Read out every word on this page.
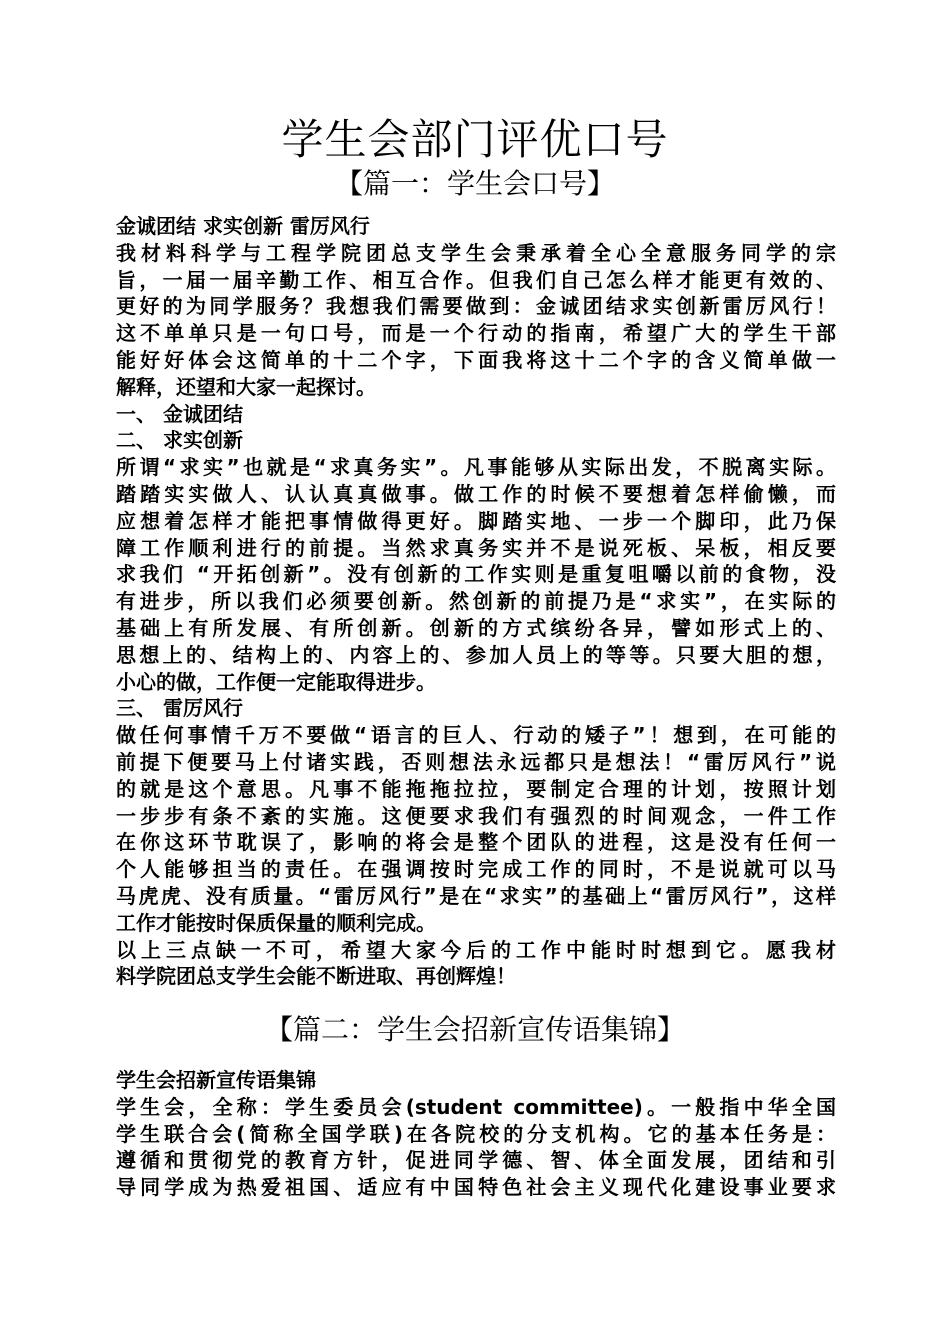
学生会部门评优口号
【篇一：学生会口号】
金诚团结 求实创新 雷厉风行
我材料科学与工程学院团总支学生会秉承着全心全意服务同学的宗
旨，一届一届辛勤工作、相互合作。但我们自己怎么样才能更有效的、
更好的为同学服务？我想我们需要做到：金诚团结求实创新雷厉风行！
这不单单只是一句口号，而是一个行动的指南，希望广大的学生干部
能好好体会这简单的十二个字，下面我将这十二个字的含义简单做一
解释，还望和大家一起探讨。
一、 金诚团结
二、 求实创新
所谓“求实”也就是“求真务实”。凡事能够从实际出发，不脱离实际。
踏踏实实做人、认认真真做事。做工作的时候不要想着怎样偷懒，而
应想着怎样才能把事情做得更好。脚踏实地、一步一个脚印，此乃保
障工作顺利进行的前提。当然求真务实并不是说死板、呆板，相反要
求我们 “开拓创新”。没有创新的工作实则是重复咀嚼以前的食物，没
有进步，所以我们必须要创新。然创新的前提乃是“求实”，在实际的
基础上有所发展、有所创新。创新的方式缤纷各异，譬如形式上的、
思想上的、结构上的、内容上的、参加人员上的等等。只要大胆的想，
小心的做，工作便一定能取得进步。
三、 雷厉风行
做任何事情千万不要做“语言的巨人、行动的矮子”！想到，在可能的
前提下便要马上付诸实践，否则想法永远都只是想法！“雷厉风行”说
的就是这个意思。凡事不能拖拖拉拉，要制定合理的计划，按照计划
一步步有条不紊的实施。这便要求我们有强烈的时间观念，一件工作
在你这环节耽误了，影响的将会是整个团队的进程，这是没有任何一
个人能够担当的责任。在强调按时完成工作的同时，不是说就可以马
马虎虎、没有质量。“雷厉风行”是在“求实”的基础上“雷厉风行”，这样
工作才能按时保质保量的顺利完成。
以上三点缺一不可，希望大家今后的工作中能时时想到它。愿我材
料学院团总支学生会能不断进取、再创辉煌！
【篇二：学生会招新宣传语集锦】
学生会招新宣传语集锦
学生会，全称：学生委员会(student committee)。一般指中华全国
学生联合会(简称全国学联)在各院校的分支机构。它的基本任务是：
遵循和贯彻党的教育方针，促进同学德、智、体全面发展，团结和引
导同学成为热爱祖国、适应有中国特色社会主义现代化建设事业要求
